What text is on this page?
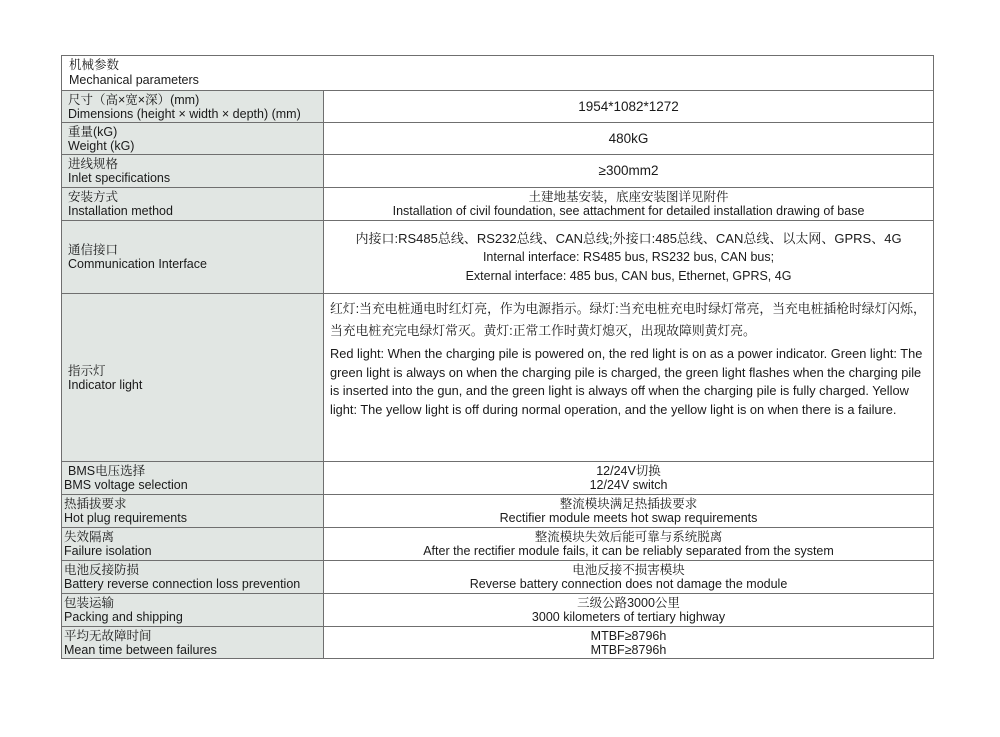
机械参数
Mechanical parameters	

尺寸（高×宽×深）(mm)
Dimensions (height × width × depth) (mm)	1954*1082*1272

重量(kG)
Weight (kG)	480kG

进线规格
Inlet specifications	≥300mm2

安装方式
Installation method	土建地基安装，底座安装图详见附件
Installation of civil foundation, see attachment for detailed installation drawing of base

通信接口
Communication Interface	内接口:RS485总线、RS232总线、CAN总线;外接口:485总线、CAN总线、以太网、GPRS、4G
Internal interface: RS485 bus, RS232 bus, CAN bus;
External interface: 485 bus, CAN bus, Ethernet, GPRS, 4G

指示灯
Indicator light	红灯:当充电桩通电时红灯亮，作为电源指示。绿灯:当充电桩充电时绿灯常亮，当充电桩插枪时绿灯闪烁，当充电桩充完电绿灯常灭。黄灯:正常工作时黄灯熄灭，出现故障则黄灯亮。
Red light: When the charging pile is powered on, the red light is on as a power indicator. Green light: The green light is always on when the charging pile is charged, the green light flashes when the charging pile is inserted into the gun, and the green light is always off when the charging pile is fully charged. Yellow light: The yellow light is off during normal operation, and the yellow light is on when there is a failure.

BMS电压选择
BMS voltage selection	12/24V切换
12/24V switch

热插拔要求
Hot plug requirements	整流模块满足热插拔要求
Rectifier module meets hot swap requirements

失效隔离
Failure isolation	整流模块失效后能可靠与系统脱离
After the rectifier module fails, it can be reliably separated from the system

电池反接防损
Battery reverse connection loss prevention	电池反接不损害模块
Reverse battery connection does not damage the module

包装运输
Packing and shipping	三级公路3000公里
3000 kilometers of tertiary highway

平均无故障时间
Mean time between failures	MTBF≥8796h
MTBF≥8796h
